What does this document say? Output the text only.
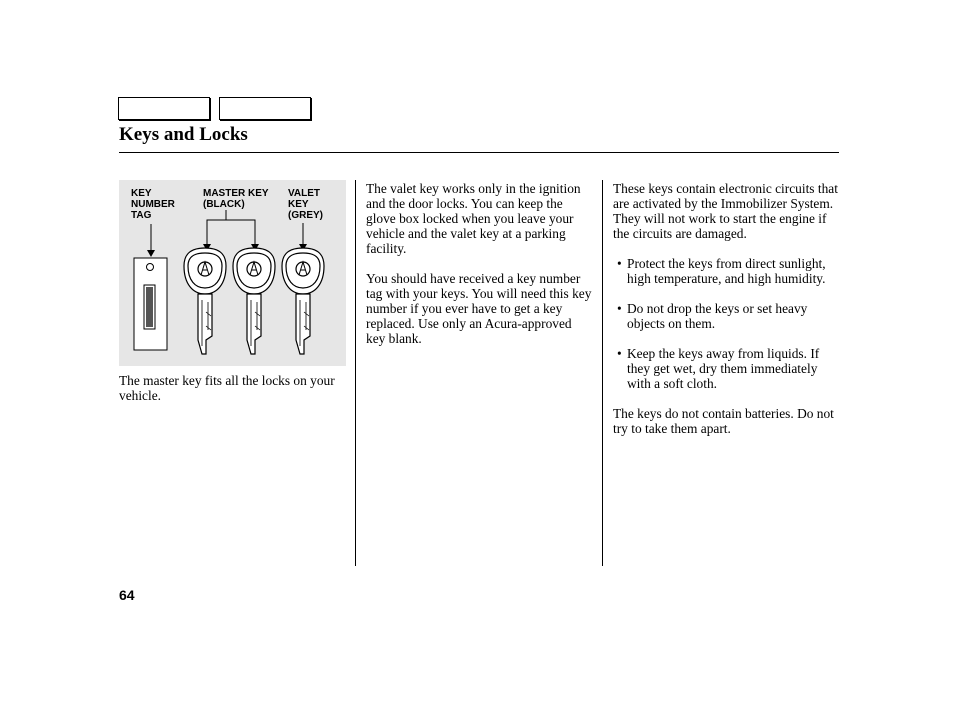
Keys and Locks
KEY
NUMBER
TAG
MASTER KEY
(BLACK)
VALET
KEY
(GREY)

The master key fits all the locks on your vehicle.

The valet key works only in the ignition and the door locks. You can keep the glove box locked when you leave your vehicle and the valet key at a parking facility.

You should have received a key number tag with your keys. You will need this key number if you ever have to get a key replaced. Use only an Acura-approved key blank.

These keys contain electronic circuits that are activated by the Immobilizer System. They will not work to start the engine if the circuits are damaged.

• Protect the keys from direct sunlight, high temperature, and high humidity.
• Do not drop the keys or set heavy objects on them.
• Keep the keys away from liquids. If they get wet, dry them immediately with a soft cloth.

The keys do not contain batteries. Do not try to take them apart.

64
